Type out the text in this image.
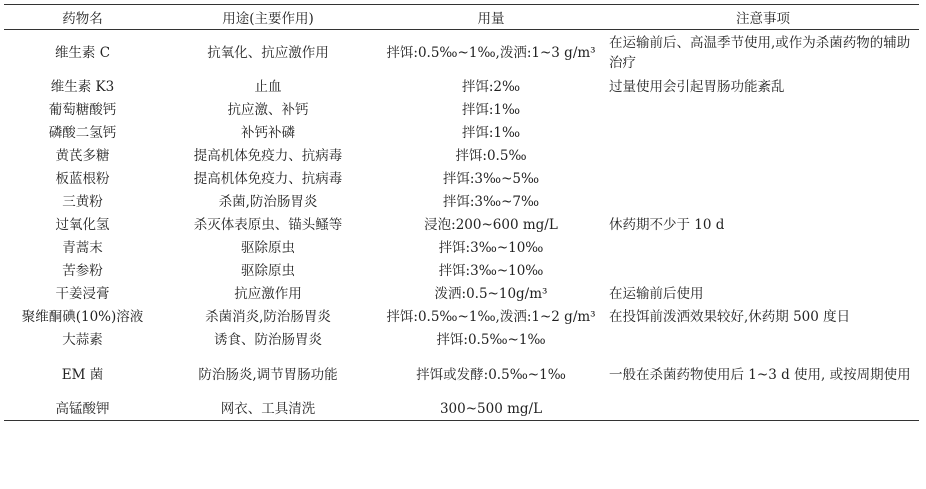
药物名	用途(主要作用)	用量	注意事项
维生素 C	抗氧化、抗应激作用	拌饵:0.5‰~1‰,泼洒:1~3 g/m³	在运输前后、高温季节使用,或作为杀菌药物的辅助治疗
维生素 K3	止血	拌饵:2‰	过量使用会引起胃肠功能紊乱
葡萄糖酸钙	抗应激、补钙	拌饵:1‰	
磷酸二氢钙	补钙补磷	拌饵:1‰	
黄芪多糖	提高机体免疫力、抗病毒	拌饵:0.5‰	
板蓝根粉	提高机体免疫力、抗病毒	拌饵:3‰~5‰	
三黄粉	杀菌,防治肠胃炎	拌饵:3‰~7‰	
过氧化氢	杀灭体表原虫、锚头鳋等	浸泡:200~600 mg/L	休药期不少于 10 d
青蒿末	驱除原虫	拌饵:3‰~10‰	
苦参粉	驱除原虫	拌饵:3‰~10‰	
干姜浸膏	抗应激作用	泼洒:0.5~10g/m³	在运输前后使用
聚维酮碘(10%)溶液	杀菌消炎,防治肠胃炎	拌饵:0.5‰~1‰,泼洒:1~2 g/m³	在投饵前泼洒效果较好,休药期 500 度日
大蒜素	诱食、防治肠胃炎	拌饵:0.5‰~1‰	
EM 菌	防治肠炎,调节胃肠功能	拌饵或发酵:0.5‰~1‰	一般在杀菌药物使用后 1~3 d 使用, 或按周期使用
高锰酸钾	网衣、工具清洗	300~500 mg/L	
